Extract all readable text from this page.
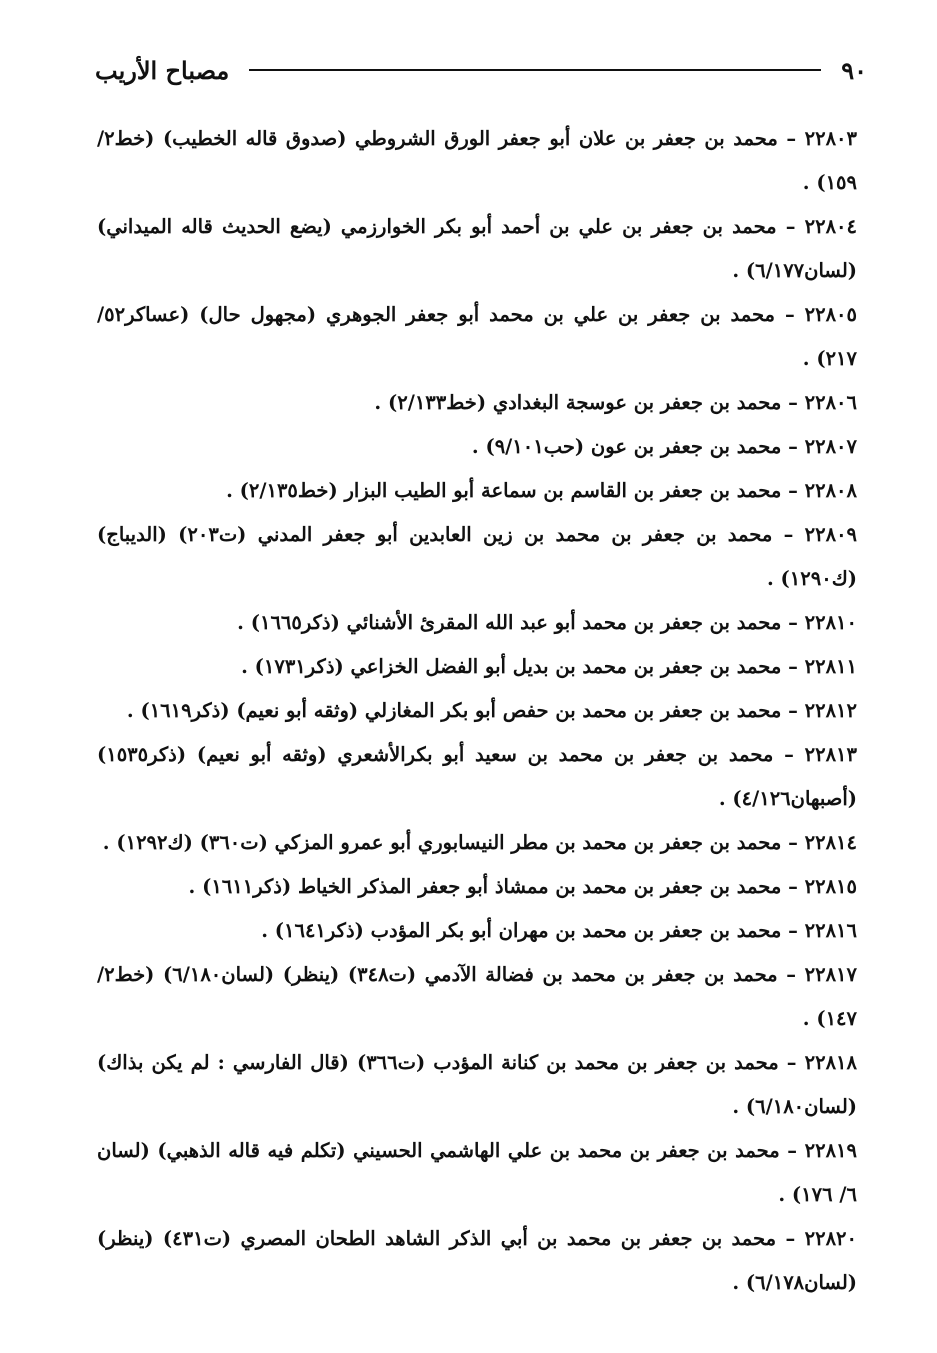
٩٠
مصباح الأريب
٢٢٨٠٣ – محمد بن جعفر بن علان أبو جعفر الورق الشروطي (صدوق قاله الخطيب) (خط٢/ ١٥٩) .
٢٢٨٠٤ – محمد بن جعفر بن علي بن أحمد أبو بكر الخوارزمي (يضع الحديث قاله الميداني) (لسان٦/١٧٧) .
٢٢٨٠٥ – محمد بن جعفر بن علي بن محمد أبو جعفر الجوهري (مجهول حال) (عساكر٥٢/ ٢١٧) .
٢٢٨٠٦ – محمد بن جعفر بن عوسجة البغدادي (خط٢/١٣٣) .
٢٢٨٠٧ – محمد بن جعفر بن عون (حب٩/١٠١) .
٢٢٨٠٨ – محمد بن جعفر بن القاسم بن سماعة أبو الطيب البزار (خط٢/١٣٥) .
٢٢٨٠٩ – محمد بن جعفر بن محمد بن زين العابدين أبو جعفر المدني (ت٢٠٣) (الديباج) (ك١٢٩٠) .
٢٢٨١٠ – محمد بن جعفر بن محمد أبو عبد الله المقرئ الأشنائي (ذكر١٦٦٥) .
٢٢٨١١ – محمد بن جعفر بن محمد بن بديل أبو الفضل الخزاعي (ذكر١٧٣١) .
٢٢٨١٢ – محمد بن جعفر بن محمد بن حفص أبو بكر المغازلي (وثقه أبو نعيم) (ذكر١٦١٩) .
٢٢٨١٣ – محمد بن جعفر بن محمد بن سعيد أبو بكرالأشعري (وثقه أبو نعيم) (ذكر١٥٣٥) (أصبهان٤/١٢٦) .
٢٢٨١٤ – محمد بن جعفر بن محمد بن مطر النيسابوري أبو عمرو المزكي (ت٣٦٠) (ك١٢٩٢) .
٢٢٨١٥ – محمد بن جعفر بن محمد بن ممشاذ أبو جعفر المذكر الخياط (ذكر١٦١١) .
٢٢٨١٦ – محمد بن جعفر بن محمد بن مهران أبو بكر المؤدب (ذكر١٦٤١) .
٢٢٨١٧ – محمد بن جعفر بن محمد بن فضالة الآدمي (ت٣٤٨) (ينظر) (لسان٦/١٨٠) (خط٢/ ١٤٧) .
٢٢٨١٨ – محمد بن جعفر بن محمد بن كنانة المؤدب (ت٣٦٦) (قال الفارسي : لم يكن بذاك) (لسان٦/١٨٠) .
٢٢٨١٩ – محمد بن جعفر بن محمد بن علي الهاشمي الحسيني (تكلم فيه قاله الذهبي) (لسان ٦/ ١٧٦) .
٢٢٨٢٠ – محمد بن جعفر بن محمد بن أبي الذكر الشاهد الطحان المصري (ت٤٣١) (ينظر) (لسان٦/١٧٨) .
